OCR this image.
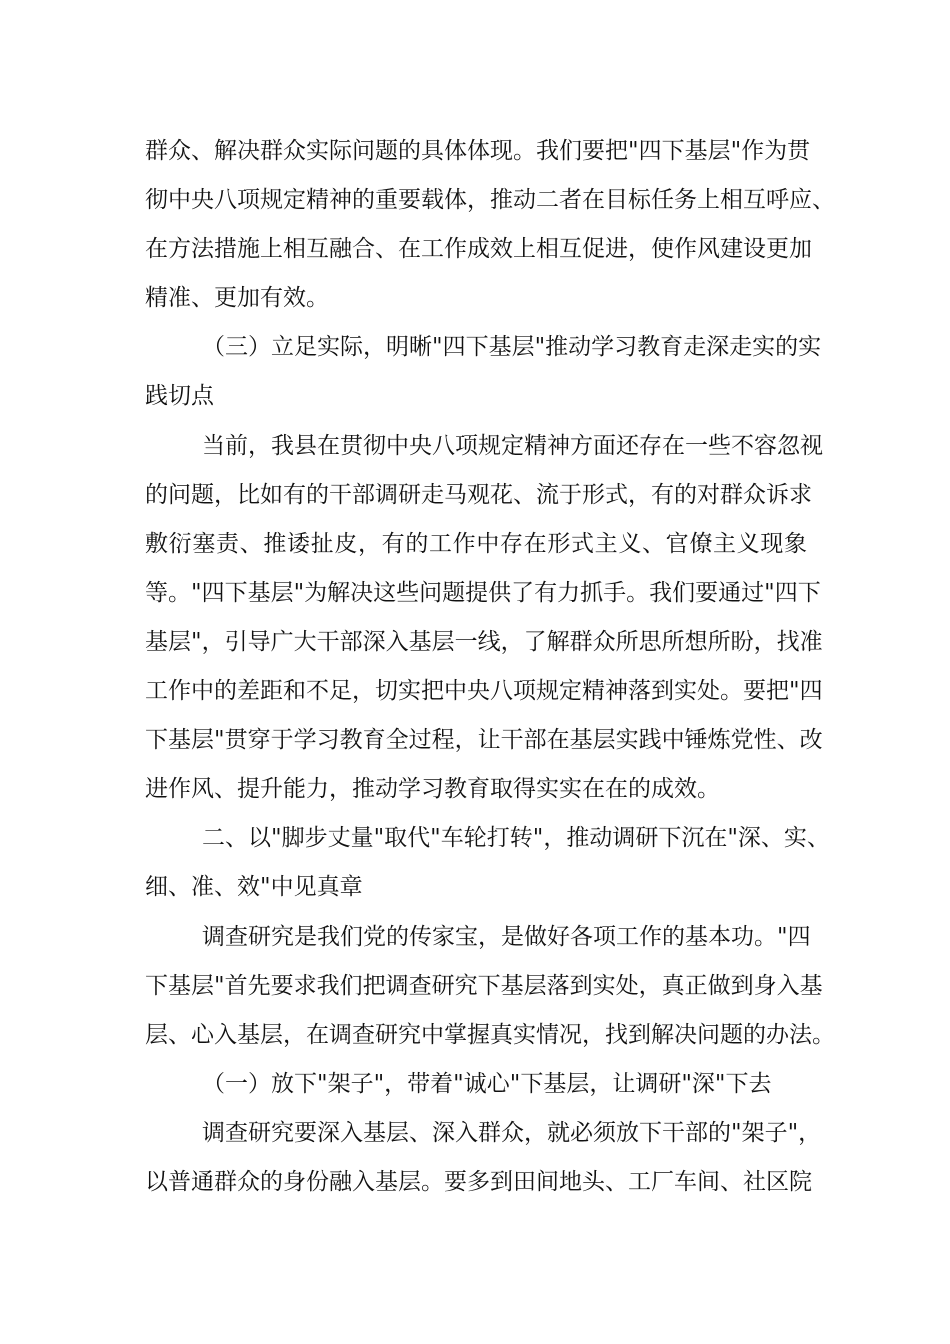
群众、解决群众实际问题的具体体现。我们要把"四下基层"作为贯
彻中央八项规定精神的重要载体，推动二者在目标任务上相互呼应、
在方法措施上相互融合、在工作成效上相互促进，使作风建设更加
精准、更加有效。
（三）立足实际，明晰"四下基层"推动学习教育走深走实的实
践切点
当前，我县在贯彻中央八项规定精神方面还存在一些不容忽视
的问题，比如有的干部调研走马观花、流于形式，有的对群众诉求
敷衍塞责、推诿扯皮，有的工作中存在形式主义、官僚主义现象
等。"四下基层"为解决这些问题提供了有力抓手。我们要通过"四下
基层"，引导广大干部深入基层一线，了解群众所思所想所盼，找准
工作中的差距和不足，切实把中央八项规定精神落到实处。要把"四
下基层"贯穿于学习教育全过程，让干部在基层实践中锤炼党性、改
进作风、提升能力，推动学习教育取得实实在在的成效。
二、以"脚步丈量"取代"车轮打转"，推动调研下沉在"深、实、
细、准、效"中见真章
调查研究是我们党的传家宝，是做好各项工作的基本功。"四
下基层"首先要求我们把调查研究下基层落到实处，真正做到身入基
层、心入基层，在调查研究中掌握真实情况，找到解决问题的办法。
（一）放下"架子"，带着"诚心"下基层，让调研"深"下去
调查研究要深入基层、深入群众，就必须放下干部的"架子"，
以普通群众的身份融入基层。要多到田间地头、工厂车间、社区院
